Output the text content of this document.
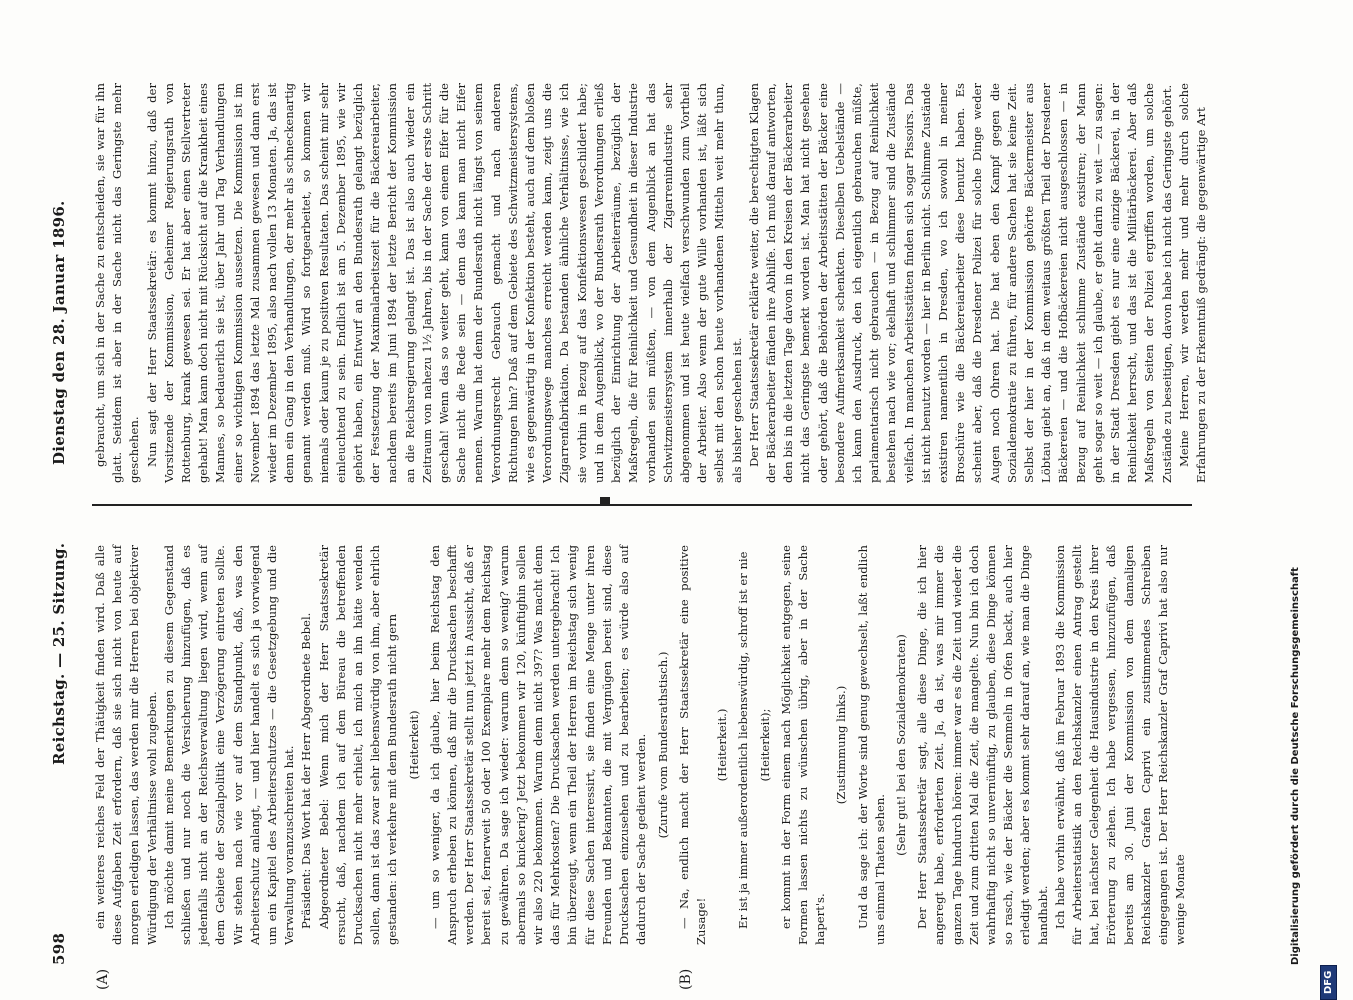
598
Reichstag. — 25. Sitzung.
Dienstag den 28. Januar 1896.
(A)	(B)

ein weiteres reiches Feld der Thätigkeit finden wird. Daß alle diese Aufgaben Zeit erfordern, daß sie sich nicht von heute auf morgen erledigen lassen, das werden mir die Herren bei objektiver Würdigung der Verhältnisse wohl zugeben. Ich möchte damit meine Bemerkungen zu diesem Gegenstand schließen und nur noch die Versicherung hinzufügen, daß es jedenfalls nicht an der Reichsverwaltung liegen wird, wenn auf dem Gebiete der Sozialpolitik eine Verzögerung eintreten sollte. Wir stehen nach wie vor auf dem Standpunkt, daß, was den Arbeiterschutz anlangt, — und hier handelt es sich ja vorwiegend um ein Kapitel des Arbeiterschutzes — die Gesetzgebung und die Verwaltung voranzuschreiten hat. Präsident: Das Wort hat der Herr Abgeordnete Bebel. Abgeordneter Bebel: Wenn mich der Herr Staatssekretär ersucht, daß, nachdem ich auf dem Büreau die betreffenden Drucksachen nicht mehr erhielt, ich mich an ihn hätte wenden sollen, dann ist das zwar sehr liebenswürdig von ihm, aber ehrlich gestanden: ich verkehre mit dem Bundesrath nicht gern (Heiterkeit) — um so weniger, da ich glaube, hier beim Reichstag den Anspruch erheben zu können, daß mir die Drucksachen beschafft werden. Der Herr Staatssekretär stellt nun jetzt in Aussicht, daß er bereit sei, fernerweit 50 oder 100 Exemplare mehr dem Reichstag zu gewähren. Da sage ich wieder: warum denn so wenig? warum abermals so knickerig? Jetzt bekommen wir 120, künftighin sollen wir also 220 bekommen. Warum denn nicht 397? Was macht denn das für Mehrkosten? Die Drucksachen werden untergebracht! Ich bin überzeugt, wenn ein Theil der Herren im Reichstag sich wenig für diese Sachen interessirt, sie finden eine Menge unter ihren Freunden und Bekannten, die mit Vergnügen bereit sind, diese Drucksachen einzusehen und zu bearbeiten; es würde also auf dadurch der Sache gedient werden. (Zurufe vom Bundesrathstisch.) — Na, endlich macht der Herr Staatssekretär eine positive Zusage!

(Heiterkeit.) Er ist ja immer außerordentlich liebenswürdig, schroff ist er nie (Heiterkeit); er kommt in der Form einem nach Möglichkeit entgegen, seine Formen lassen nichts zu wünschen übrig, aber in der Sache hapert's.

(Zustimmung links.) Und da sage ich: der Worte sind genug gewechselt, laßt endlich uns einmal Thaten sehen.

(Sehr gut! bei den Sozialdemokraten) Der Herr Staatssekretär sagt, alle diese Dinge, die ich hier angeregt habe, erforderten Zeit. Ja, da ist, was mir immer die ganzen Tage hindurch hören: immer war es die Zeit und wieder die Zeit und zum dritten Mal die Zeit, die mangelte. Nun bin ich doch wahrhaftig nicht so unvernünftig, zu glauben, diese Dinge können so rasch, wie der Bäcker die Semmeln in Ofen backt, auch hier erledigt werden; aber es kommt sehr darauf an, wie man die Dinge handhabt. Ich habe vorhin erwähnt, daß im Februar 1893 die Kommission für Arbeiterstatistik an den Reichskanzler einen Antrag gestellt hat, bei nächster Gelegenheit die Hausindustrie in den Kreis ihrer Erörterung zu ziehen. Ich habe vergessen, hinzuzufügen, daß bereits am 30. Juni der Kommission von dem damaligen Reichskanzler Grafen Caprivi ein zustimmendes Schreiben eingegangen ist. Der Herr Reichskanzler Graf Caprivi hat also nur wenige Monate

gebraucht, um sich in der Sache zu entscheiden, sie war für ihn glatt. Seitdem ist aber in der Sache nicht das Geringste mehr geschehen. Nun sagt der Herr Staatssekretär: es kommt hinzu, daß der Vorsitzende der Kommission, Geheimer Regierungsrath von Rottenburg, krank gewesen sei. Er hat aber einen Stellvertreter gehabt! Man kann doch nicht mit Rücksicht auf die Krankheit eines Mannes, so bedauerlich sie ist, über Jahr und Tag Verhandlungen einer so wichtigen Kommission aussetzen. Die Kommission ist im November 1894 das letzte Mal zusammen gewesen und dann erst wieder im Dezember 1895, also nach vollen 13 Monaten. Ja, das ist denn ein Gang in den Verhandlungen, der mehr als schneckenartig genannt werden muß. Wird so fortgearbeitet, so kommen wir niemals oder kaum je zu positiven Resultaten. Das scheint mir sehr einleuchtend zu sein. Endlich ist am 5. Dezember 1895, wie wir gehört haben, ein Entwurf an den Bundesrath gelangt bezüglich der Festsetzung der Maximalarbeitszeit für die Bäckereiarbeiter, nachdem bereits im Juni 1894 der letzte Bericht der Kommission an die Reichsregierung gelangt ist. Das ist also auch wieder ein Zeitraum von nahezu 1½ Jahren, bis in der Sache der erste Schritt geschah! Wenn das so weiter geht, kann von einem Eifer für die Sache nicht die Rede sein — denn das kann man nicht Eifer nennen. Warum hat denn der Bundesrath nicht längst von seinem Verordnungsrecht Gebrauch gemacht und nach anderen Richtungen hin? Daß auf dem Gebiete des Schwitzmeistersystems, wie es gegenwärtig in der Konfektion besteht, auch auf dem bloßen Verordnungswege manches erreicht werden kann, zeigt uns die Zigarrenfabrikation. Da bestanden ähnliche Verhältnisse, wie ich sie vorhin in Bezug auf das Konfektionswesen geschildert habe; und in dem Augenblick, wo der Bundesrath Verordnungen erließ bezüglich der Einrichtung der Arbeiterräume, bezüglich der Maßregeln, die für Reinlichkeit und Gesundheit in dieser Industrie vorhanden sein müßten, — von dem Augenblick an hat das Schwitzmeistersystem innerhalb der Zigarrenindustrie sehr abgenommen und ist heute vielfach verschwunden zum Vortheil der Arbeiter. Also wenn der gute Wille vorhanden ist, läßt sich selbst mit den schon heute vorhandenen Mitteln weit mehr thun, als bisher geschehen ist. Der Herr Staatssekretär erklärte weiter, die berechtigten Klagen der Bäckerarbeiter fänden ihre Abhilfe. Ich muß darauf antworten, den bis in die letzten Tage davon in den Kreisen der Bäckerarbeiter nicht das Geringste bemerkt worden ist. Man hat nicht gesehen oder gehört, daß die Behörden der Arbeitsstätten der Bäcker eine besondere Aufmerksamkeit schenkten. Dieselben Uebelstände — ich kann den Ausdruck, den ich eigentlich gebrauchen müßte, parlamentarisch nicht gebrauchen — in Bezug auf Reinlichkeit bestehen nach wie vor; ekelhaft und schlimmer sind die Zustände vielfach. In manchen Arbeitsstätten finden sich sogar Pissoirs. Das ist nicht benutzt worden — hier in Berlin nicht. Schlimme Zustände existiren namentlich in Dresden, wo ich sowohl in meiner Broschüre wie die Bäckereiarbeiter diese benutzt haben. Es scheint aber, daß die Dresdener Polizei für solche Dinge weder Augen noch Ohren hat. Die hat eben den Kampf gegen die Sozialdemokratie zu führen, für andere Sachen hat sie keine Zeit. Selbst der hier in der Kommission gehörte Bäckermeister aus Löbtau giebt an, daß in dem weitaus größten Theil der Dresdener Bäckereien — und die Hofbäckereien nicht ausgeschlossen — in Bezug auf Reinlichkeit schlimme Zustände existiren; der Mann geht sogar so weit — ich glaube, er geht darin zu weit — zu sagen: in der Stadt Dresden giebt es nur eine einzige Bäckerei, in der Reinlichkeit herrscht, und das ist die Militärbäckerei. Aber daß Maßregeln von Seiten der Polizei ergriffen worden, um solche Zustände zu beseitigen, davon habe ich nicht das Geringste gehört. Meine Herren, wir werden mehr und mehr durch solche Erfahrungen zu der Erkenntniß gedrängt: die gegenwärtige Art

Digitalisierung gefördert durch die Deutsche Forschungsgemeinschaft
DFG
